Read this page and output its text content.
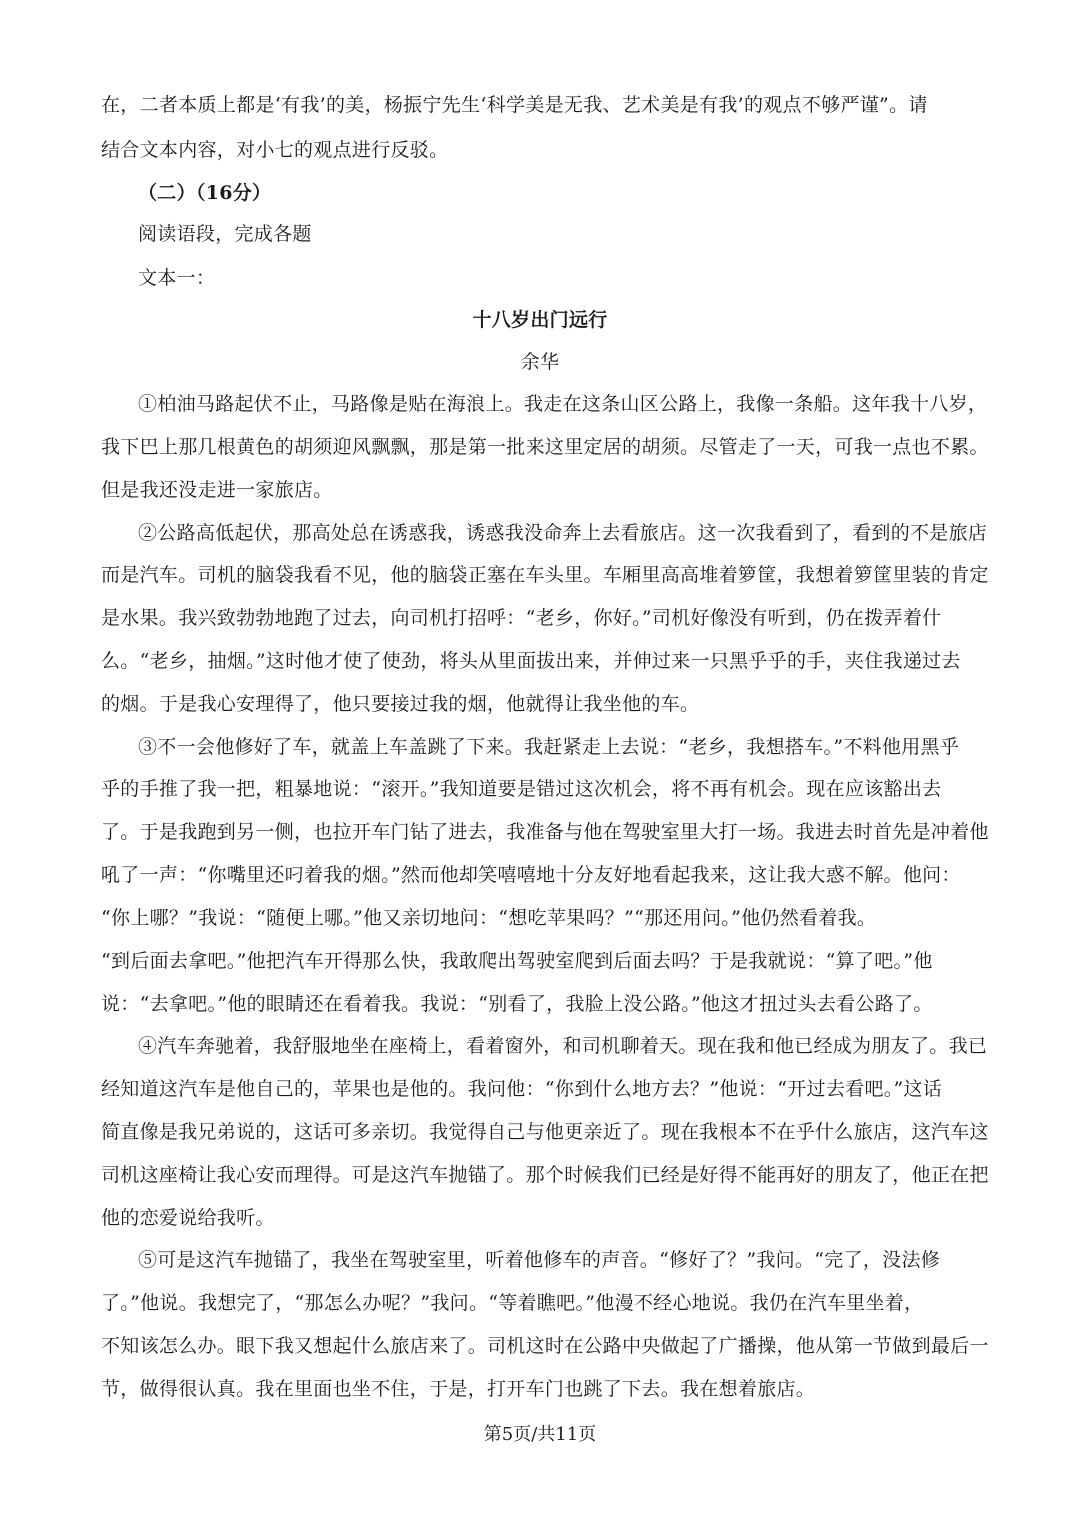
在，二者本质上都是‘有我’的美，杨振宁先生‘科学美是无我、艺术美是有我’的观点不够严谨”。请
结合文本内容，对小七的观点进行反驳。
（二）（16分）
阅读语段，完成各题
文本一：
十八岁出门远行
余华
①柏油马路起伏不止，马路像是贴在海浪上。我走在这条山区公路上，我像一条船。这年我十八岁，
我下巴上那几根黄色的胡须迎风飘飘，那是第一批来这里定居的胡须。尽管走了一天，可我一点也不累。
但是我还没走进一家旅店。
②公路高低起伏，那高处总在诱惑我，诱惑我没命奔上去看旅店。这一次我看到了，看到的不是旅店
而是汽车。司机的脑袋我看不见，他的脑袋正塞在车头里。车厢里高高堆着箩筐，我想着箩筐里装的肯定
是水果。我兴致勃勃地跑了过去，向司机打招呼：“老乡，你好。”司机好像没有听到，仍在拨弄着什
么。“老乡，抽烟。”这时他才使了使劲，将头从里面拔出来，并伸过来一只黑乎乎的手，夹住我递过去
的烟。于是我心安理得了，他只要接过我的烟，他就得让我坐他的车。
③不一会他修好了车，就盖上车盖跳了下来。我赶紧走上去说：“老乡，我想搭车。”不料他用黑乎
乎的手推了我一把，粗暴地说：“滚开。”我知道要是错过这次机会，将不再有机会。现在应该豁出去
了。于是我跑到另一侧，也拉开车门钻了进去，我准备与他在驾驶室里大打一场。我进去时首先是冲着他
吼了一声：“你嘴里还叼着我的烟。”然而他却笑嘻嘻地十分友好地看起我来，这让我大惑不解。他问：
“你上哪？”我说：“随便上哪。”他又亲切地问：“想吃苹果吗？”“那还用问。”他仍然看着我。
“到后面去拿吧。”他把汽车开得那么快，我敢爬出驾驶室爬到后面去吗？于是我就说：“算了吧。”他
说：“去拿吧。”他的眼睛还在看着我。我说：“别看了，我脸上没公路。”他这才扭过头去看公路了。
④汽车奔驰着，我舒服地坐在座椅上，看着窗外，和司机聊着天。现在我和他已经成为朋友了。我已
经知道这汽车是他自己的，苹果也是他的。我问他：“你到什么地方去？”他说：“开过去看吧。”这话
简直像是我兄弟说的，这话可多亲切。我觉得自己与他更亲近了。现在我根本不在乎什么旅店，这汽车这
司机这座椅让我心安而理得。可是这汽车抛锚了。那个时候我们已经是好得不能再好的朋友了，他正在把
他的恋爱说给我听。
⑤可是这汽车抛锚了，我坐在驾驶室里，听着他修车的声音。“修好了？”我问。“完了，没法修
了。”他说。我想完了，“那怎么办呢？”我问。“等着瞧吧。”他漫不经心地说。我仍在汽车里坐着，
不知该怎么办。眼下我又想起什么旅店来了。司机这时在公路中央做起了广播操，他从第一节做到最后一
节，做得很认真。我在里面也坐不住，于是，打开车门也跳了下去。我在想着旅店。
第5页/共11页
